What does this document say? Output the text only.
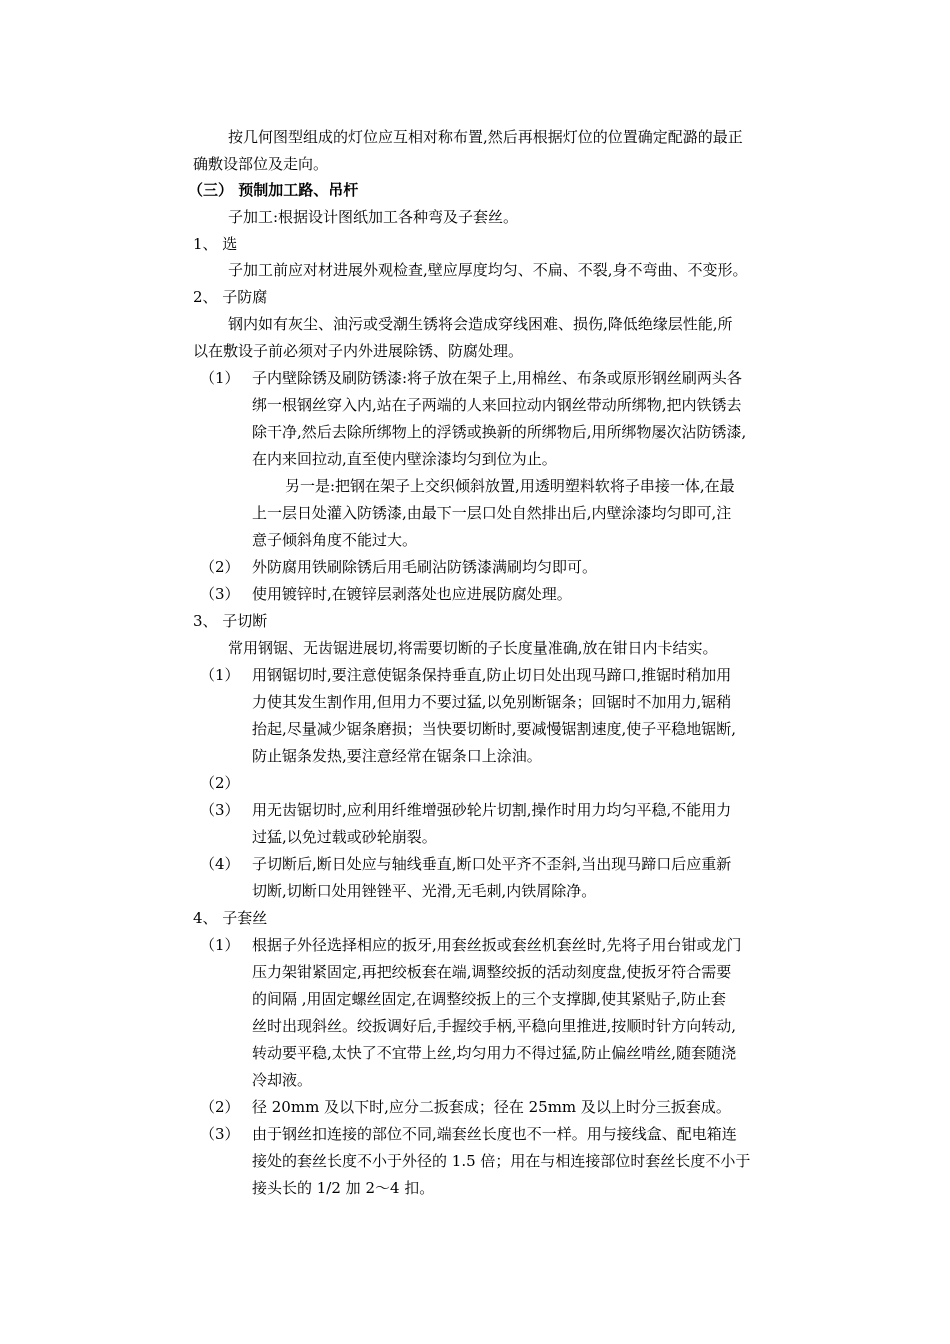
按几何图型组成的灯位应互相对称布置,然后再根据灯位的位置确定配潞的最正
确敷设部位及走向。
（三） 预制加工路、吊杆
子加工:根据设计图纸加工各种弯及子套丝。
1、 选
子加工前应对材进展外观检查,壁应厚度均匀、不扁、不裂,身不弯曲、不变形。
2、 子防腐
钢内如有灰尘、油污或受潮生锈将会造成穿线困难、损伤,降低绝缘层性能,所
以在敷设子前必须对子内外进展除锈、防腐处理。
（1） 子内壁除锈及刷防锈漆:将子放在架子上,用棉丝、布条或原形钢丝刷两头各
绑一根钢丝穿入内,站在子两端的人来回拉动内钢丝带动所绑物,把内铁锈去
除干净,然后去除所绑物上的浮锈或换新的所绑物后,用所绑物屡次沾防锈漆,
在内来回拉动,直至使内壁涂漆均匀到位为止。
另一是:把钢在架子上交织倾斜放置,用透明塑料软将子串接一体,在最
上一层日处灌入防锈漆,由最下一层口处自然排出后,内壁涂漆均匀即可,注
意子倾斜角度不能过大。
（2） 外防腐用铁刷除锈后用毛刷沾防锈漆满刷均匀即可。
（3） 使用镀锌时,在镀锌层剥落处也应进展防腐处理。
3、 子切断
常用钢锯、无齿锯进展切,将需要切断的子长度量准确,放在钳日内卡结实。
（1） 用钢锯切时,要注意使锯条保持垂直,防止切日处出现马蹄口,推锯时稍加用
力使其发生割作用,但用力不要过猛,以免别断锯条；回锯时不加用力,锯稍
抬起,尽量减少锯条磨损；当快要切断时,要减慢锯割速度,使子平稳地锯断,
防止锯条发热,要注意经常在锯条口上涂油。
（2）
（3） 用无齿锯切时,应利用纤维增强砂轮片切割,操作时用力均匀平稳,不能用力
过猛,以免过载或砂轮崩裂。
（4） 子切断后,断日处应与轴线垂直,断口处平齐不歪斜,当出现马蹄口后应重新
切断,切断口处用锉锉平、光滑,无毛刺,内铁屑除净。
4、 子套丝
（1） 根据子外径选择相应的扳牙,用套丝扳或套丝机套丝时,先将子用台钳或龙门
压力架钳紧固定,再把绞板套在端,调整绞扳的活动刻度盘,使扳牙符合需要
的间隔 ,用固定螺丝固定,在调整绞扳上的三个支撑脚,使其紧贴子,防止套
丝时出现斜丝。绞扳调好后,手握绞手柄,平稳向里推进,按顺时针方向转动,
转动要平稳,太快了不宜带上丝,均匀用力不得过猛,防止偏丝啃丝,随套随浇
冷却液。
（2） 径 20mm 及以下时,应分二扳套成；径在 25mm 及以上时分三扳套成。
（3） 由于钢丝扣连接的部位不同,端套丝长度也不一样。用与接线盒、配电箱连
接处的套丝长度不小于外径的 1.5 倍；用在与相连接部位时套丝长度不小于
接头长的 1/2 加 2～4 扣。
